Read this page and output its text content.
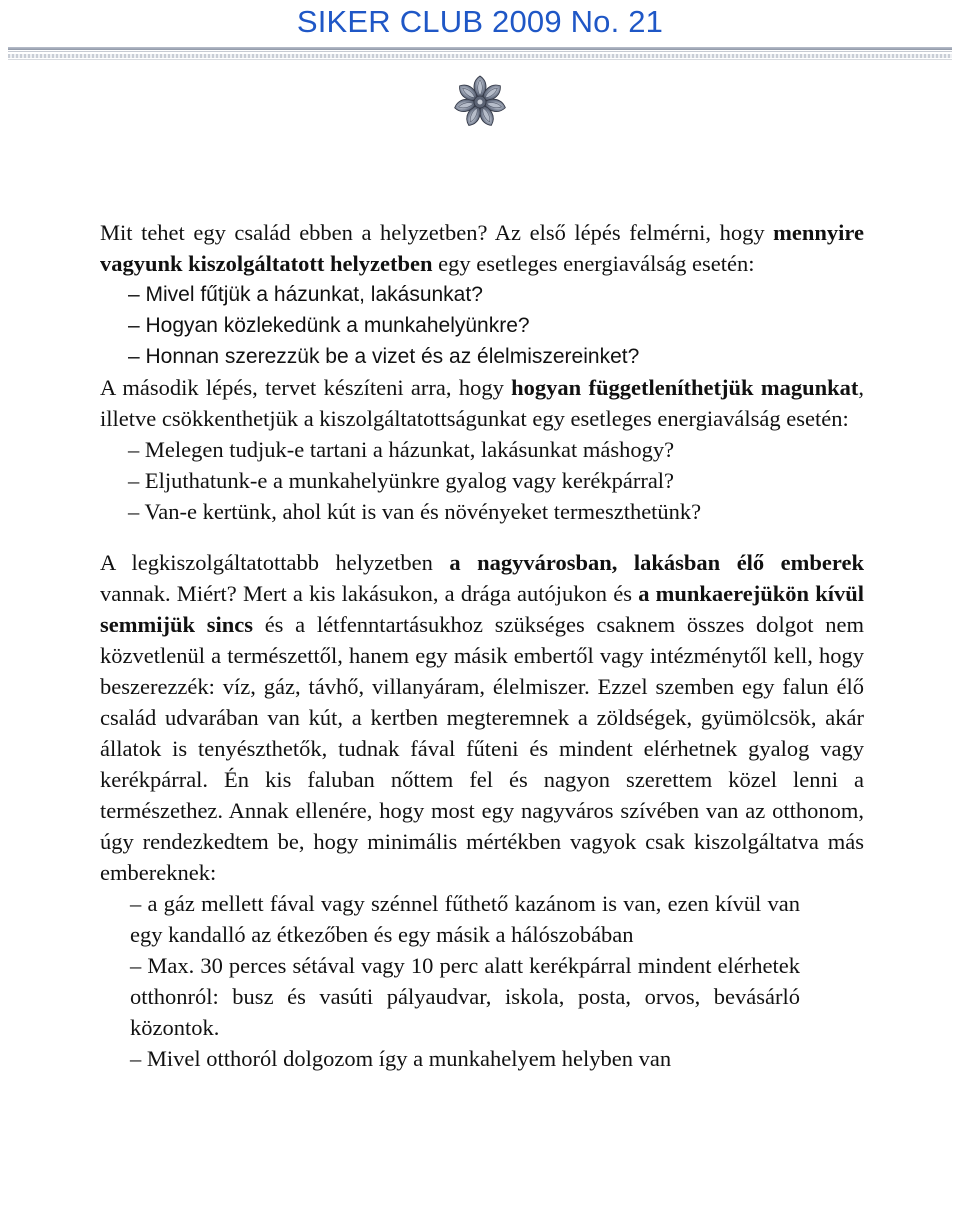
SIKER CLUB 2009 No. 21

Mit tehet egy család ebben a helyzetben? Az első lépés felmérni, hogy mennyire vagyunk kiszolgáltatott helyzetben egy esetleges energiaválság esetén:

– Mivel fűtjük a házunkat, lakásunkat?

– Hogyan közlekedünk a munkahelyünkre?

– Honnan szerezzük be a vizet és az élelmiszereinket?

A második lépés, tervet készíteni arra, hogy hogyan függetleníthetjük magunkat, illetve csökkenthetjük a kiszolgáltatottságunkat egy esetleges energiaválság esetén:

– Melegen tudjuk-e tartani a házunkat, lakásunkat máshogy?

– Eljuthatunk-e a munkahelyünkre gyalog vagy kerékpárral?

– Van-e kertünk, ahol kút is van és növényeket termeszthetünk?

A legkiszolgáltatottabb helyzetben a nagyvárosban, lakásban élő emberek vannak. Miért? Mert a kis lakásukon, a drága autójukon és a munkaerejükön kívül semmijük sincs és a létfenntartásukhoz szükséges csaknem összes dolgot nem közvetlenül a természettől, hanem egy másik embertől vagy intézménytől kell, hogy beszerezzék: víz, gáz, távhő, villanyáram, élelmiszer. Ezzel szemben egy falun élő család udvarában van kút, a kertben megteremnek a zöldségek, gyümölcsök, akár állatok is tenyészthetők, tudnak fával fűteni és mindent elérhetnek gyalog vagy kerékpárral. Én kis faluban nőttem fel és nagyon szerettem közel lenni a természethez. Annak ellenére, hogy most egy nagyváros szívében van az otthonom, úgy rendezkedtem be, hogy minimális mértékben vagyok csak kiszolgáltatva más embereknek:

– a gáz mellett fával vagy szénnel fűthető kazánom is van, ezen kívül van egy kandalló az étkezőben és egy másik a hálószobában

– Max. 30 perces sétával vagy 10 perc alatt kerékpárral mindent elérhetek otthonról: busz és vasúti pályaudvar, iskola, posta, orvos, bevásárló közontok.

– Mivel otthoról dolgozom így a munkahelyem helyben van
